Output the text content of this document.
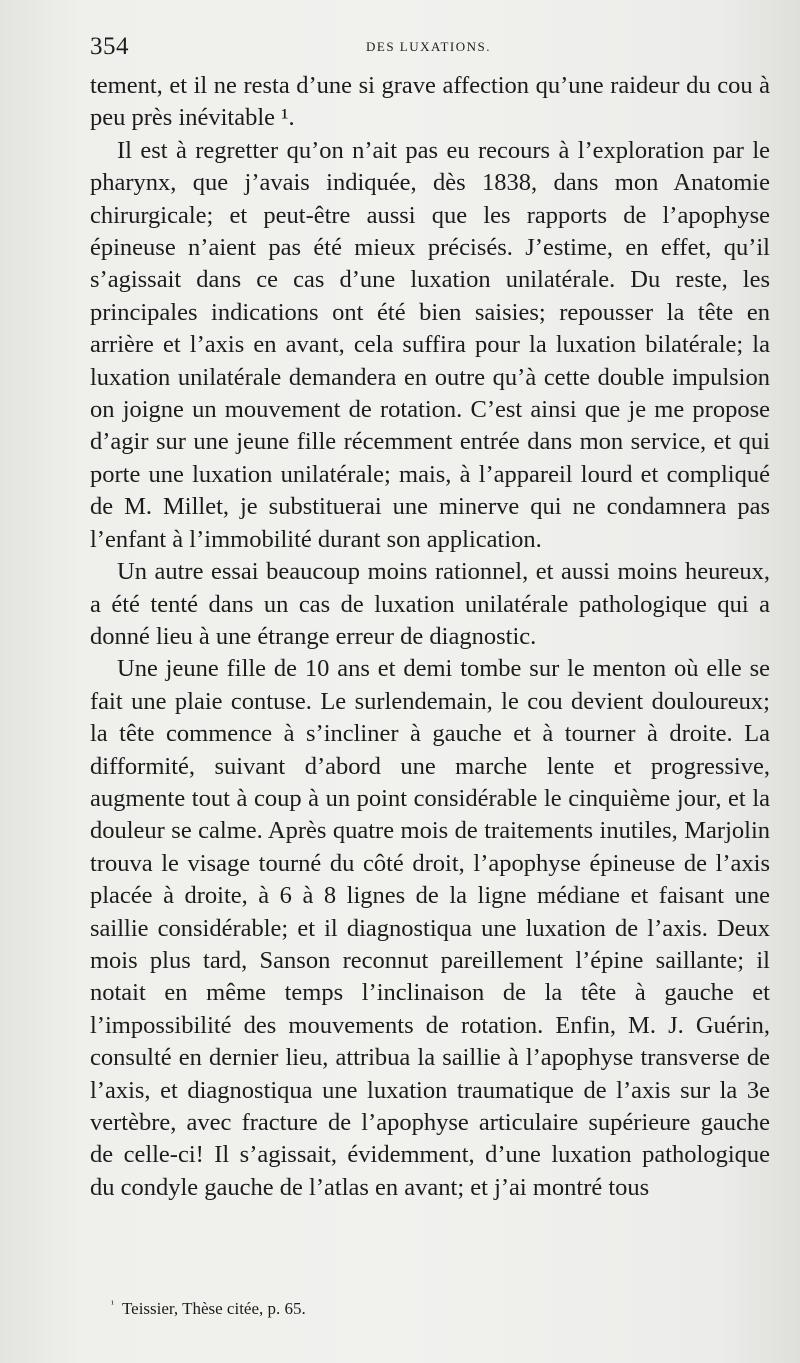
354	DES LUXATIONS.

tement, et il ne resta d’une si grave affection qu’une raideur du cou à peu près inévitable ¹.

Il est à regretter qu’on n’ait pas eu recours à l’exploration par le pharynx, que j’avais indiquée, dès 1838, dans mon Anatomie chirurgicale; et peut-être aussi que les rapports de l’apophyse épineuse n’aient pas été mieux précisés. J’estime, en effet, qu’il s’agissait dans ce cas d’une luxation unilatérale. Du reste, les principales indications ont été bien saisies; repousser la tête en arrière et l’axis en avant, cela suffira pour la luxation bilatérale; la luxation unilatérale demandera en outre qu’à cette double impulsion on joigne un mouvement de rotation. C’est ainsi que je me propose d’agir sur une jeune fille récemment entrée dans mon service, et qui porte une luxation unilatérale; mais, à l’appareil lourd et compliqué de M. Millet, je substituerai une minerve qui ne condamnera pas l’enfant à l’immobilité durant son application.

Un autre essai beaucoup moins rationnel, et aussi moins heureux, a été tenté dans un cas de luxation unilatérale pathologique qui a donné lieu à une étrange erreur de diagnostic.

Une jeune fille de 10 ans et demi tombe sur le menton où elle se fait une plaie contuse. Le surlendemain, le cou devient douloureux; la tête commence à s’incliner à gauche et à tourner à droite. La difformité, suivant d’abord une marche lente et progressive, augmente tout à coup à un point considérable le cinquième jour, et la douleur se calme. Après quatre mois de traitements inutiles, Marjolin trouva le visage tourné du côté droit, l’apophyse épineuse de l’axis placée à droite, à 6 à 8 lignes de la ligne médiane et faisant une saillie considérable; et il diagnostiqua une luxation de l’axis. Deux mois plus tard, Sanson reconnut pareillement l’épine saillante; il notait en même temps l’inclinaison de la tête à gauche et l’impossibilité des mouvements de rotation. Enfin, M. J. Guérin, consulté en dernier lieu, attribua la saillie à l’apophyse transverse de l’axis, et diagnostiqua une luxation traumatique de l’axis sur la 3e vertèbre, avec fracture de l’apophyse articulaire supérieure gauche de celle-ci! Il s’agissait, évidemment, d’une luxation pathologique du condyle gauche de l’atlas en avant; et j’ai montré tous

$^{^1}$ Teissier, Thèse citée, p. 65.
